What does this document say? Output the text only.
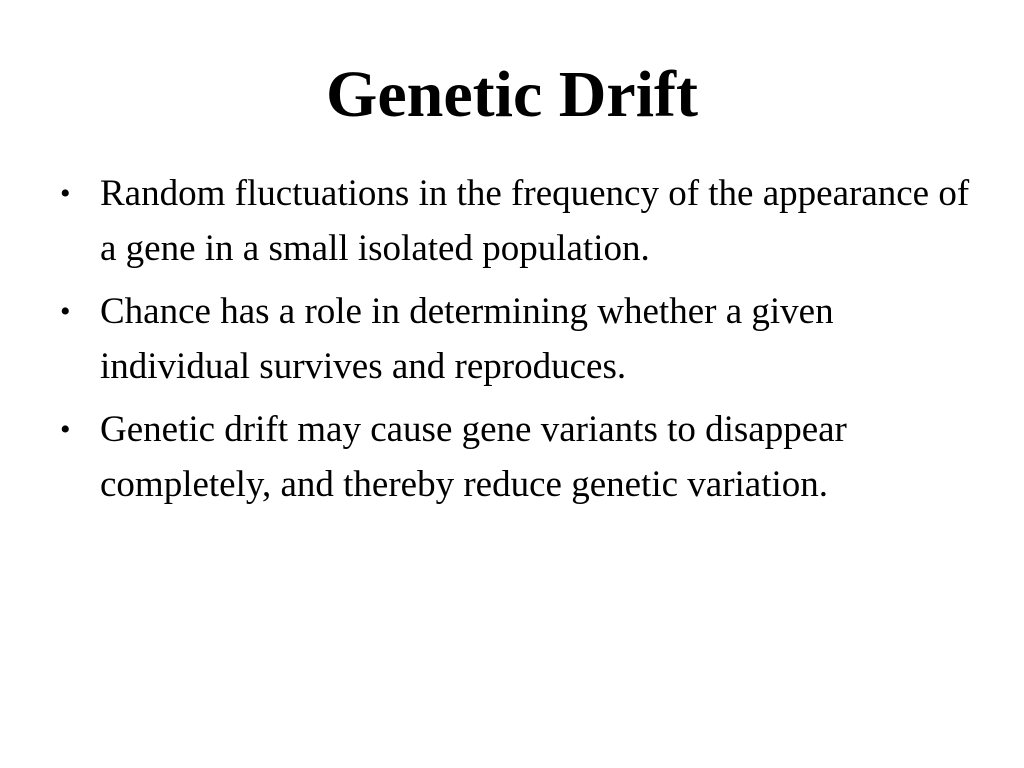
Genetic Drift
• Random fluctuations in the frequency of the appearance of a gene in a small isolated population.
• Chance has a role in determining whether a given individual survives and reproduces.
• Genetic drift may cause gene variants to disappear completely, and thereby reduce genetic variation.
